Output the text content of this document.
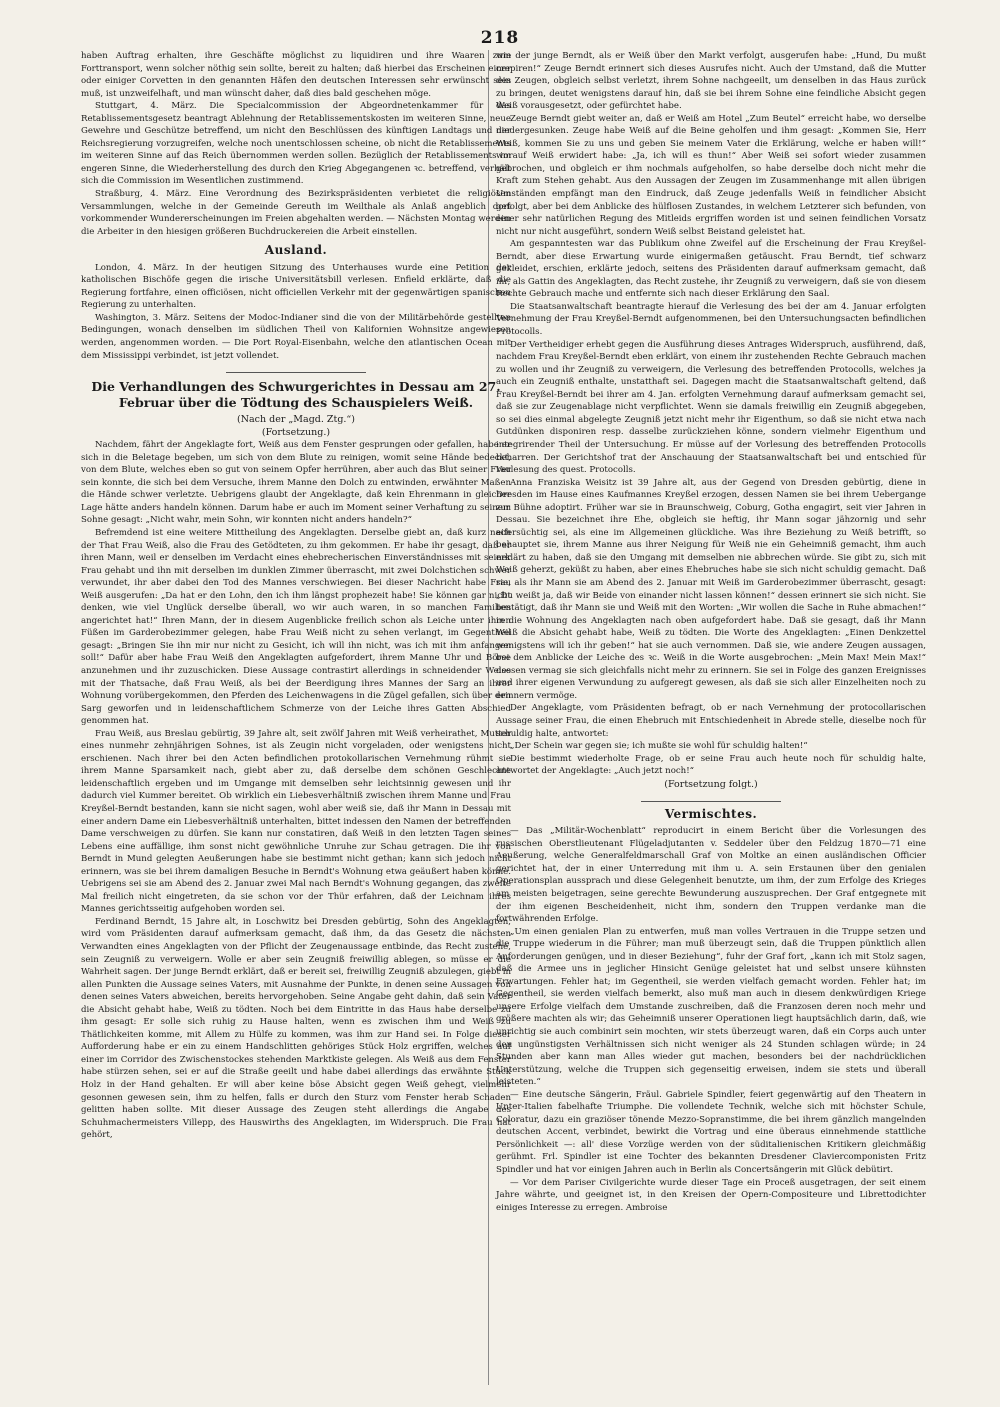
218

haben Auftrag erhalten, ihre Geschäfte möglichst zu liquidiren und ihre Waaren zum Forttransport, wenn solcher nöthig sein sollte, bereit zu halten; daß hierbei das Erscheinen einer oder einiger Corvetten in den genannten Häfen den deutschen Interessen sehr erwünscht sein muß, ist unzweifelhaft, und man wünscht daher, daß dies bald geschehen möge.

Stuttgart, 4. März. Die Specialcommission der Abgeordnetenkammer für das Retablissementsgesetz beantragt Ablehnung der Retablissementskosten im weiteren Sinne, neue Gewehre und Geschütze betreffend, um nicht den Beschlüssen des künftigen Landtags und der Reichsregierung vorzugreifen, welche noch unentschlossen scheine, ob nicht die Retablissements im weiteren Sinne auf das Reich übernommen werden sollen. Bezüglich der Retablissements im engeren Sinne, die Wiederherstellung des durch den Krieg Abgegangenen ꝛc. betreffend, verhält sich die Commission im Wesentlichen zustimmend.

Straßburg, 4. März. Eine Verordnung des Bezirkspräsidenten verbietet die religiösen Versammlungen, welche in der Gemeinde Gereuth im Weilthale als Anlaß angeblich dort vorkommender Wundererscheinungen im Freien abgehalten werden. — Nächsten Montag werden die Arbeiter in den hiesigen größeren Buchdruckereien die Arbeit einstellen.

Ausland.

London, 4. März. In der heutigen Sitzung des Unterhauses wurde eine Petition der katholischen Bischöfe gegen die irische Universitätsbill verlesen. Enfield erklärte, daß die Regierung fortfahre, einen officiösen, nicht officiellen Verkehr mit der gegenwärtigen spanischen Regierung zu unterhalten.

Washington, 3. März. Seitens der Modoc-Indianer sind die von der Militärbehörde gestellten Bedingungen, wonach denselben im südlichen Theil von Kalifornien Wohnsitze angewiesen werden, angenommen worden. — Die Port Royal-Eisenbahn, welche den atlantischen Ocean mit dem Mississippi verbindet, ist jetzt vollendet.

Die Verhandlungen des Schwurgerichtes in Dessau am 27. Februar über die Tödtung des Schauspielers Weiß.
(Nach der „Magd. Ztg.“)
(Fortsetzung.)

Nachdem, fährt der Angeklagte fort, Weiß aus dem Fenster gesprungen oder gefallen, habe er sich in die Beletage begeben, um sich von dem Blute zu reinigen, womit seine Hände bedeckt, von dem Blute, welches eben so gut von seinem Opfer herrühren, aber auch das Blut seiner Frau sein konnte, die sich bei dem Versuche, ihrem Manne den Dolch zu entwinden, erwähnter Maßen die Hände schwer verletzte. Uebrigens glaubt der Angeklagte, daß kein Ehrenmann in gleicher Lage hätte anders handeln können. Darum habe er auch im Moment seiner Verhaftung zu seinem Sohne gesagt: „Nicht wahr, mein Sohn, wir konnten nicht anders handeln?“

Befremdend ist eine weitere Mittheilung des Angeklagten. Derselbe giebt an, daß kurz nach der That Frau Weiß, also die Frau des Getödteten, zu ihm gekommen. Er habe ihr gesagt, daß er ihren Mann, weil er denselben im Verdacht eines ehebrecherischen Einverständnisses mit seiner Frau gehabt und ihn mit derselben im dunklen Zimmer überrascht, mit zwei Dolchstichen schwer verwundet, ihr aber dabei den Tod des Mannes verschwiegen. Bei dieser Nachricht habe Frau Weiß ausgerufen: „Da hat er den Lohn, den ich ihm längst prophezeit habe! Sie können gar nicht denken, wie viel Unglück derselbe überall, wo wir auch waren, in so manchen Familien angerichtet hat!“ Ihren Mann, der in diesem Augenblicke freilich schon als Leiche unter ihren Füßen im Garderobezimmer gelegen, habe Frau Weiß nicht zu sehen verlangt, im Gegentheil gesagt: „Bringen Sie ihn mir nur nicht zu Gesicht, ich will ihn nicht, was ich mit ihm anfangen soll!“ Dafür aber habe Frau Weiß den Angeklagten aufgefordert, ihrem Manne Uhr und Börse anzunehmen und ihr zuzuschicken. Diese Aussage contrastirt allerdings in schneidender Weise mit der Thatsache, daß Frau Weiß, als bei der Beerdigung ihres Mannes der Sarg an ihrer Wohnung vorübergekommen, den Pferden des Leichenwagens in die Zügel gefallen, sich über den Sarg geworfen und in leidenschaftlichem Schmerze von der Leiche ihres Gatten Abschied genommen hat.

Frau Weiß, aus Breslau gebürtig, 39 Jahre alt, seit zwölf Jahren mit Weiß verheirathet, Mutter eines nunmehr zehnjährigen Sohnes, ist als Zeugin nicht vorgeladen, oder wenigstens nicht erschienen. Nach ihrer bei den Acten befindlichen protokollarischen Vernehmung rühmt sie ihrem Manne Sparsamkeit nach, giebt aber zu, daß derselbe dem schönen Geschlechte leidenschaftlich ergeben und im Umgange mit demselben sehr leichtsinnig gewesen und ihr dadurch viel Kummer bereitet. Ob wirklich ein Liebesverhältniß zwischen ihrem Manne und Frau Kreyßel-Berndt bestanden, kann sie nicht sagen, wohl aber weiß sie, daß ihr Mann in Dessau mit einer andern Dame ein Liebesverhältniß unterhalten, bittet indessen den Namen der betreffenden Dame verschweigen zu dürfen. Sie kann nur constatiren, daß Weiß in den letzten Tagen seines Lebens eine auffällige, ihm sonst nicht gewöhnliche Unruhe zur Schau getragen. Die ihr von Berndt in Mund gelegten Aeußerungen habe sie bestimmt nicht gethan; kann sich jedoch nicht erinnern, was sie bei ihrem damaligen Besuche in Berndt's Wohnung etwa geäußert haben könne. Uebrigens sei sie am Abend des 2. Januar zwei Mal nach Berndt's Wohnung gegangen, das zweite Mal freilich nicht eingetreten, da sie schon vor der Thür erfahren, daß der Leichnam ihres Mannes gerichtsseitig aufgehoben worden sei.

Ferdinand Berndt, 15 Jahre alt, in Loschwitz bei Dresden gebürtig, Sohn des Angeklagten, wird vom Präsidenten darauf aufmerksam gemacht, daß ihm, da das Gesetz die nächsten Verwandten eines Angeklagten von der Pflicht der Zeugenaussage entbinde, das Recht zustehe, sein Zeugniß zu verweigern. Wolle er aber sein Zeugniß freiwillig ablegen, so müsse er die Wahrheit sagen. Der junge Berndt erklärt, daß er bereit sei, freiwillig Zeugniß abzulegen, giebt in allen Punkten die Aussage seines Vaters, mit Ausnahme der Punkte, in denen seine Aussagen von denen seines Vaters abweichen, bereits hervorgehoben. Seine Angabe geht dahin, daß sein Vater die Absicht gehabt habe, Weiß zu tödten. Noch bei dem Eintritte in das Haus habe derselbe zu ihm gesagt: Er solle sich ruhig zu Hause halten, wenn es zwischen ihm und Weiß zu Thätlichkeiten komme, mit Allem zu Hülfe zu kommen, was ihm zur Hand sei. In Folge dieser Aufforderung habe er ein zu einem Handschlitten gehöriges Stück Holz ergriffen, welches auf einer im Corridor des Zwischenstockes stehenden Marktkiste gelegen. Als Weiß aus dem Fenster habe stürzen sehen, sei er auf die Straße geeilt und habe dabei allerdings das erwähnte Stück Holz in der Hand gehalten. Er will aber keine böse Absicht gegen Weiß gehegt, vielmehr gesonnen gewesen sein, ihm zu helfen, falls er durch den Sturz vom Fenster herab Schaden gelitten haben sollte. Mit dieser Aussage des Zeugen steht allerdings die Angabe des Schuhmachermeisters Villepp, des Hauswirths des Angeklagten, im Widerspruch. Die Frau hat gehört,

wie der junge Berndt, als er Weiß über den Markt verfolgt, ausgerufen habe: „Hund, Du mußt crepiren!“ Zeuge Berndt erinnert sich dieses Ausrufes nicht. Auch der Umstand, daß die Mutter des Zeugen, obgleich selbst verletzt, ihrem Sohne nachgeeilt, um denselben in das Haus zurück zu bringen, deutet wenigstens darauf hin, daß sie bei ihrem Sohne eine feindliche Absicht gegen Weiß vorausgesetzt, oder gefürchtet habe.

Zeuge Berndt giebt weiter an, daß er Weiß am Hotel „Zum Beutel“ erreicht habe, wo derselbe niedergesunken. Zeuge habe Weiß auf die Beine geholfen und ihm gesagt: „Kommen Sie, Herr Weiß, kommen Sie zu uns und geben Sie meinem Vater die Erklärung, welche er haben will!“ worauf Weiß erwidert habe: „Ja, ich will es thun!“ Aber Weiß sei sofort wieder zusammen gebrochen, und obgleich er ihm nochmals aufgeholfen, so habe derselbe doch nicht mehr die Kraft zum Stehen gehabt. Aus den Aussagen der Zeugen im Zusammenhange mit allen übrigen Umständen empfängt man den Eindruck, daß Zeuge jedenfalls Weiß in feindlicher Absicht gefolgt, aber bei dem Anblicke des hülflosen Zustandes, in welchem Letzterer sich befunden, von einer sehr natürlichen Regung des Mitleids ergriffen worden ist und seinen feindlichen Vorsatz nicht nur nicht ausgeführt, sondern Weiß selbst Beistand geleistet hat.

Am gespanntesten war das Publikum ohne Zweifel auf die Erscheinung der Frau Kreyßel-Berndt, aber diese Erwartung wurde einigermaßen getäuscht. Frau Berndt, tief schwarz gekleidet, erschien, erklärte jedoch, seitens des Präsidenten darauf aufmerksam gemacht, daß ihr, als Gattin des Angeklagten, das Recht zustehe, ihr Zeugniß zu verweigern, daß sie von diesem Rechte Gebrauch mache und entfernte sich nach dieser Erklärung den Saal.

Die Staatsanwaltschaft beantragte hierauf die Verlesung des bei der am 4. Januar erfolgten Vernehmung der Frau Kreyßel-Berndt aufgenommenen, bei den Untersuchungsacten befindlichen Protocolls.

Der Vertheidiger erhebt gegen die Ausführung dieses Antrages Widerspruch, ausführend, daß, nachdem Frau Kreyßel-Berndt eben erklärt, von einem ihr zustehenden Rechte Gebrauch machen zu wollen und ihr Zeugniß zu verweigern, die Verlesung des betreffenden Protocolls, welches ja auch ein Zeugniß enthalte, unstatthaft sei. Dagegen macht die Staatsanwaltschaft geltend, daß Frau Kreyßel-Berndt bei ihrer am 4. Jan. erfolgten Vernehmung darauf aufmerksam gemacht sei, daß sie zur Zeugenablage nicht verpflichtet. Wenn sie damals freiwillig ein Zeugniß abgegeben, so sei dies einmal abgelegte Zeugniß jetzt nicht mehr ihr Eigenthum, so daß sie nicht etwa nach Gutdünken disponiren resp. dasselbe zurückziehen könne, sondern vielmehr Eigenthum und integrirender Theil der Untersuchung. Er müsse auf der Vorlesung des betreffenden Protocolls beharren. Der Gerichtshof trat der Anschauung der Staatsanwaltschaft bei und entschied für Verlesung des quest. Protocolls.

Anna Franziska Weisitz ist 39 Jahre alt, aus der Gegend von Dresden gebürtig, diene in Dresden im Hause eines Kaufmannes Kreyßel erzogen, dessen Namen sie bei ihrem Uebergange zur Bühne adoptirt. Früher war sie in Braunschweig, Coburg, Gotha engagirt, seit vier Jahren in Dessau. Sie bezeichnet ihre Ehe, obgleich sie heftig, ihr Mann sogar jähzornig und sehr eifersüchtig sei, als eine im Allgemeinen glückliche. Was ihre Beziehung zu Weiß betrifft, so behauptet sie, ihrem Manne aus ihrer Neigung für Weiß nie ein Geheimniß gemacht, ihm auch erklärt zu haben, daß sie den Umgang mit demselben nie abbrechen würde. Sie gibt zu, sich mit Weiß geherzt, geküßt zu haben, aber eines Ehebruches habe sie sich nicht schuldig gemacht. Daß sie, als ihr Mann sie am Abend des 2. Januar mit Weiß im Garderobezimmer überrascht, gesagt: „Du weißt ja, daß wir Beide von einander nicht lassen können!“ dessen erinnert sie sich nicht. Sie bestätigt, daß ihr Mann sie und Weiß mit den Worten: „Wir wollen die Sache in Ruhe abmachen!“ in die Wohnung des Angeklagten nach oben aufgefordert habe. Daß sie gesagt, daß ihr Mann Weiß die Absicht gehabt habe, Weiß zu tödten. Die Worte des Angeklagten: „Einen Denkzettel wenigstens will ich ihr geben!“ hat sie auch vernommen. Daß sie, wie andere Zeugen aussagen, bei dem Anblicke der Leiche des ꝛc. Weiß in die Worte ausgebrochen: „Mein Max! Mein Max!“ dessen vermag sie sich gleichfalls nicht mehr zu erinnern. Sie sei in Folge des ganzen Ereignisses und ihrer eigenen Verwundung zu aufgeregt gewesen, als daß sie sich aller Einzelheiten noch zu erinnern vermöge.

Der Angeklagte, vom Präsidenten befragt, ob er nach Vernehmung der protocollarischen Aussage seiner Frau, die einen Ehebruch mit Entschiedenheit in Abrede stelle, dieselbe noch für schuldig halte, antwortet:

„Der Schein war gegen sie; ich mußte sie wohl für schuldig halten!“

Die bestimmt wiederholte Frage, ob er seine Frau auch heute noch für schuldig halte, antwortet der Angeklagte: „Auch jetzt noch!“

(Fortsetzung folgt.)
Vermischtes.

— Das „Militär-Wochenblatt“ reproducirt in einem Bericht über die Vorlesungen des russischen Oberstlieutenant Flügeladjutanten v. Seddeler über den Feldzug 1870—71 eine Aeußerung, welche Generalfeldmarschall Graf von Moltke an einen ausländischen Officier gerichtet hat, der in einer Unterredung mit ihm u. A. sein Erstaunen über den genialen Operationsplan aussprach und diese Gelegenheit benutzte, um ihm, der zum Erfolge des Krieges am meisten beigetragen, seine gerechte Bewunderung auszusprechen. Der Graf entgegnete mit der ihm eigenen Bescheidenheit, nicht ihm, sondern den Truppen verdanke man die fortwährenden Erfolge.

„Um einen genialen Plan zu entwerfen, muß man volles Vertrauen in die Truppe setzen und die Truppe wiederum in die Führer; man muß überzeugt sein, daß die Truppen pünktlich allen Anforderungen genügen, und in dieser Beziehung“, fuhr der Graf fort, „kann ich mit Stolz sagen, daß die Armee uns in jeglicher Hinsicht Genüge geleistet hat und selbst unsere kühnsten Erwartungen. Fehler hat; im Gegentheil, sie werden vielfach gemacht worden. Fehler hat; im Gegentheil, sie werden vielfach bemerkt, also muß man auch in diesem denkwürdigen Kriege unsere Erfolge vielfach dem Umstande zuschreiben, daß die Franzosen deren noch mehr und größere machten als wir; das Geheimniß unserer Operationen liegt hauptsächlich darin, daß, wie unrichtig sie auch combinirt sein mochten, wir stets überzeugt waren, daß ein Corps auch unter den ungünstigsten Verhältnissen sich nicht weniger als 24 Stunden schlagen würde; in 24 Stunden aber kann man Alles wieder gut machen, besonders bei der nachdrücklichen Unterstützung, welche die Truppen sich gegenseitig erweisen, indem sie stets und überall leisteten.“

— Eine deutsche Sängerin, Fräul. Gabriele Spindler, feiert gegenwärtig auf den Theatern in Unter-Italien fabelhafte Triumphe. Die vollendete Technik, welche sich mit höchster Schule, Coloratur, dazu ein graziöser tönende Mezzo-Sopranstimme, die bei ihrem gänzlich mangelnden deutschen Accent, verbindet, bewirkt die Vortrag und eine überaus einnehmende stattliche Persönlichkeit —: all' diese Vorzüge werden von der süditalienischen Kritikern gleichmäßig gerühmt. Frl. Spindler ist eine Tochter des bekannten Dresdener Claviercomponisten Fritz Spindler und hat vor einigen Jahren auch in Berlin als Concertsängerin mit Glück debütirt.

— Vor dem Pariser Civilgerichte wurde dieser Tage ein Proceß ausgetragen, der seit einem Jahre währte, und geeignet ist, in den Kreisen der Opern-Compositeure und Librettodichter einiges Interesse zu erregen. Ambroise
